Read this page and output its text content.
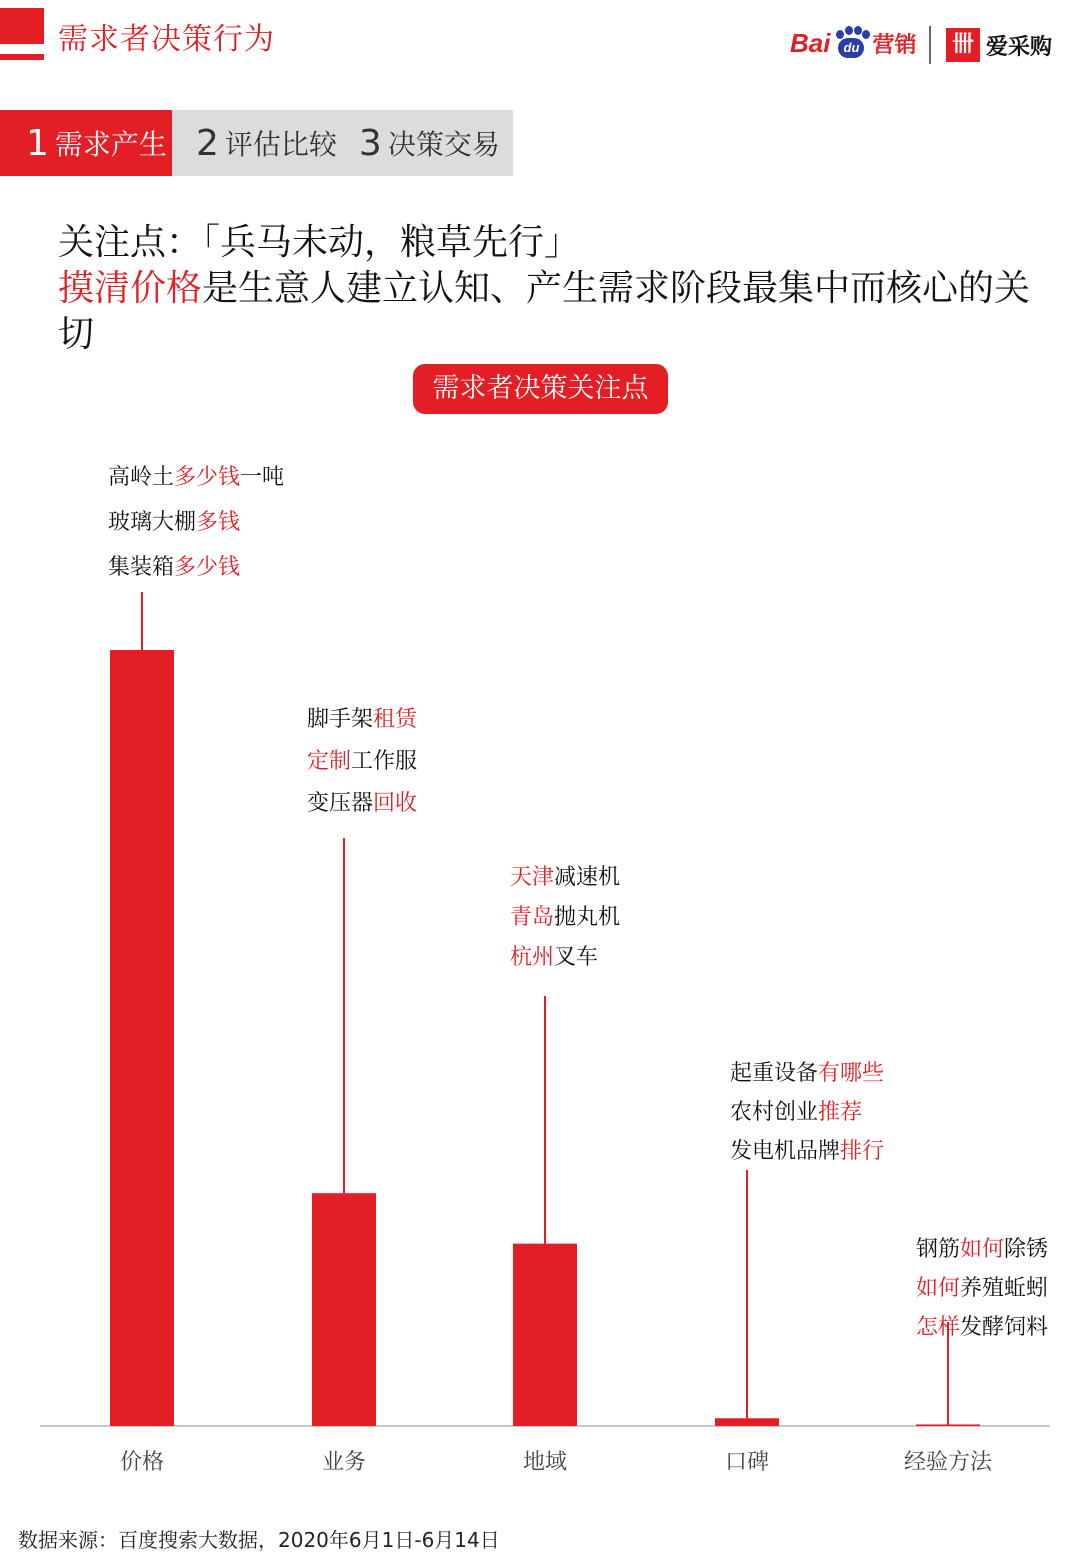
需求者决策行为	Bai	du 营销 卌 爱采购
1 需求产生 2 评估比较 3 决策交易
关注点：「兵马未动，粮草先行」
摸清价格是生意人建立认知、产生需求阶段最集中而核心的关切
需求者决策关注点
价格	业务	地域	口碑	经验方法
高岭土多少钱一吨
玻璃大棚多钱
集装箱多少钱
脚手架租赁
定制工作服
变压器回收
天津减速机
青岛抛丸机
杭州叉车
起重设备有哪些
农村创业推荐
发电机品牌排行
钢筋如何除锈
如何养殖蚯蚓
怎样发酵饲料
数据来源：百度搜索大数据，2020年6月1日-6月14日
